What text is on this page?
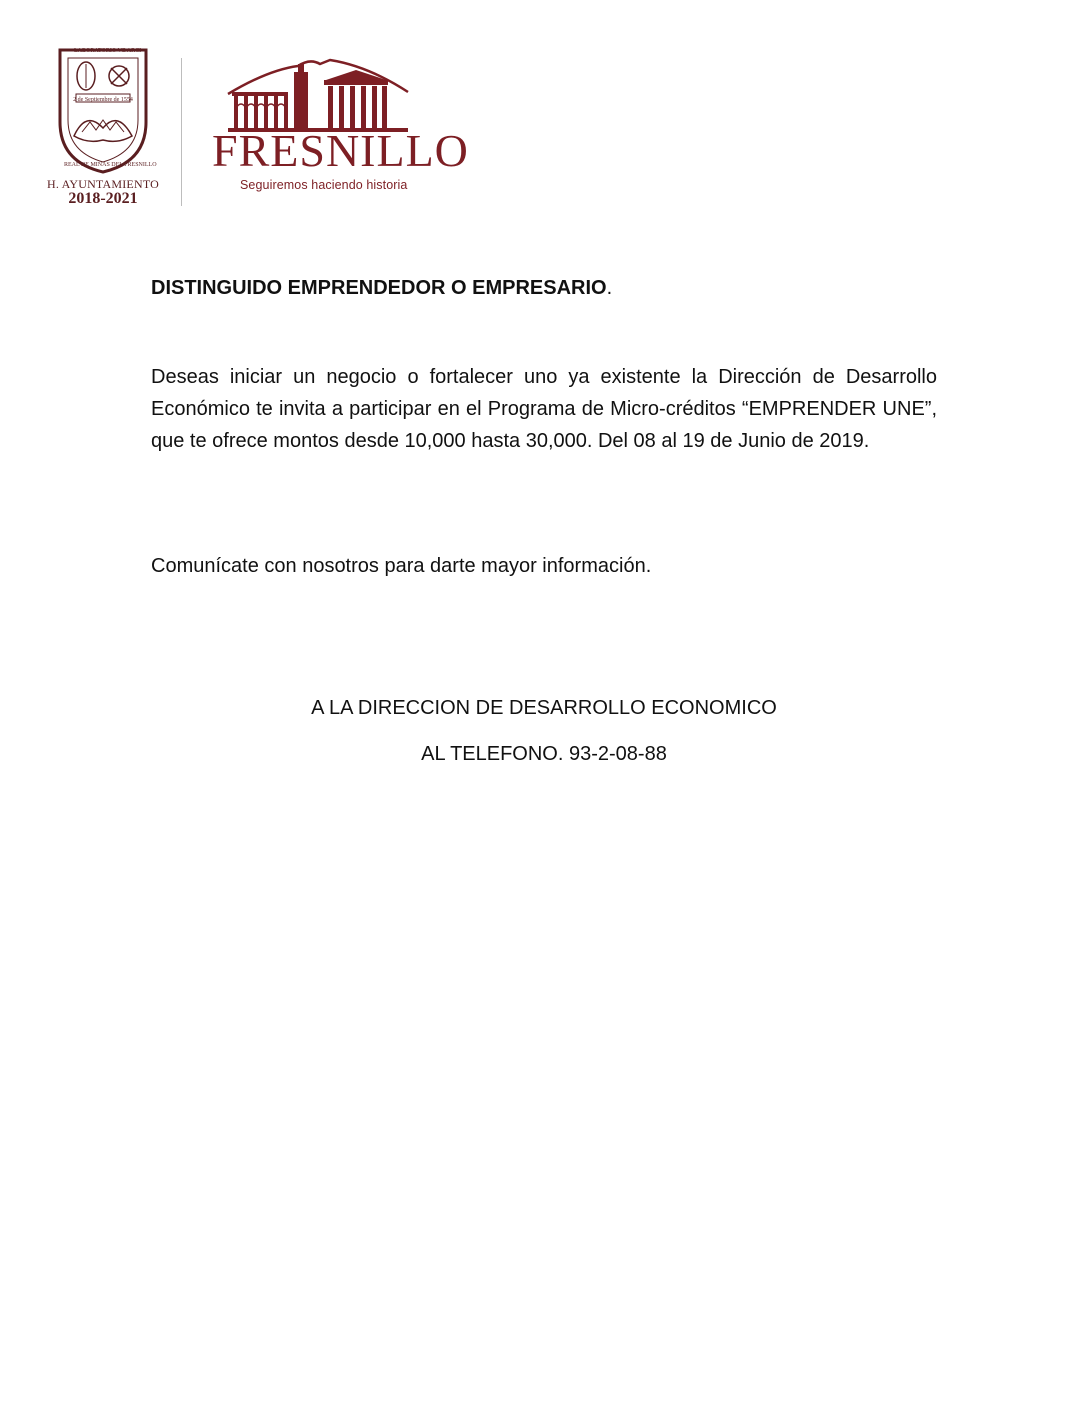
LABORATORIO VE ARCI
2 de Septiembre de 1554
REAL DE MINAS DEL FRESNILLO
H. AYUNTAMIENTO
2018-2021
FRESNILLO
Seguiremos haciendo historia
DISTINGUIDO EMPRENDEDOR O EMPRESARIO.

Deseas iniciar un negocio o fortalecer uno ya existente la Dirección de Desarrollo Económico te invita a participar en el Programa de Micro-créditos “EMPRENDER UNE”, que te ofrece montos desde 10,000 hasta 30,000. Del 08 al 19 de Junio de 2019.

Comunícate con nosotros para darte mayor información.
A LA DIRECCION DE DESARROLLO ECONOMICO
AL TELEFONO. 93-2-08-88
